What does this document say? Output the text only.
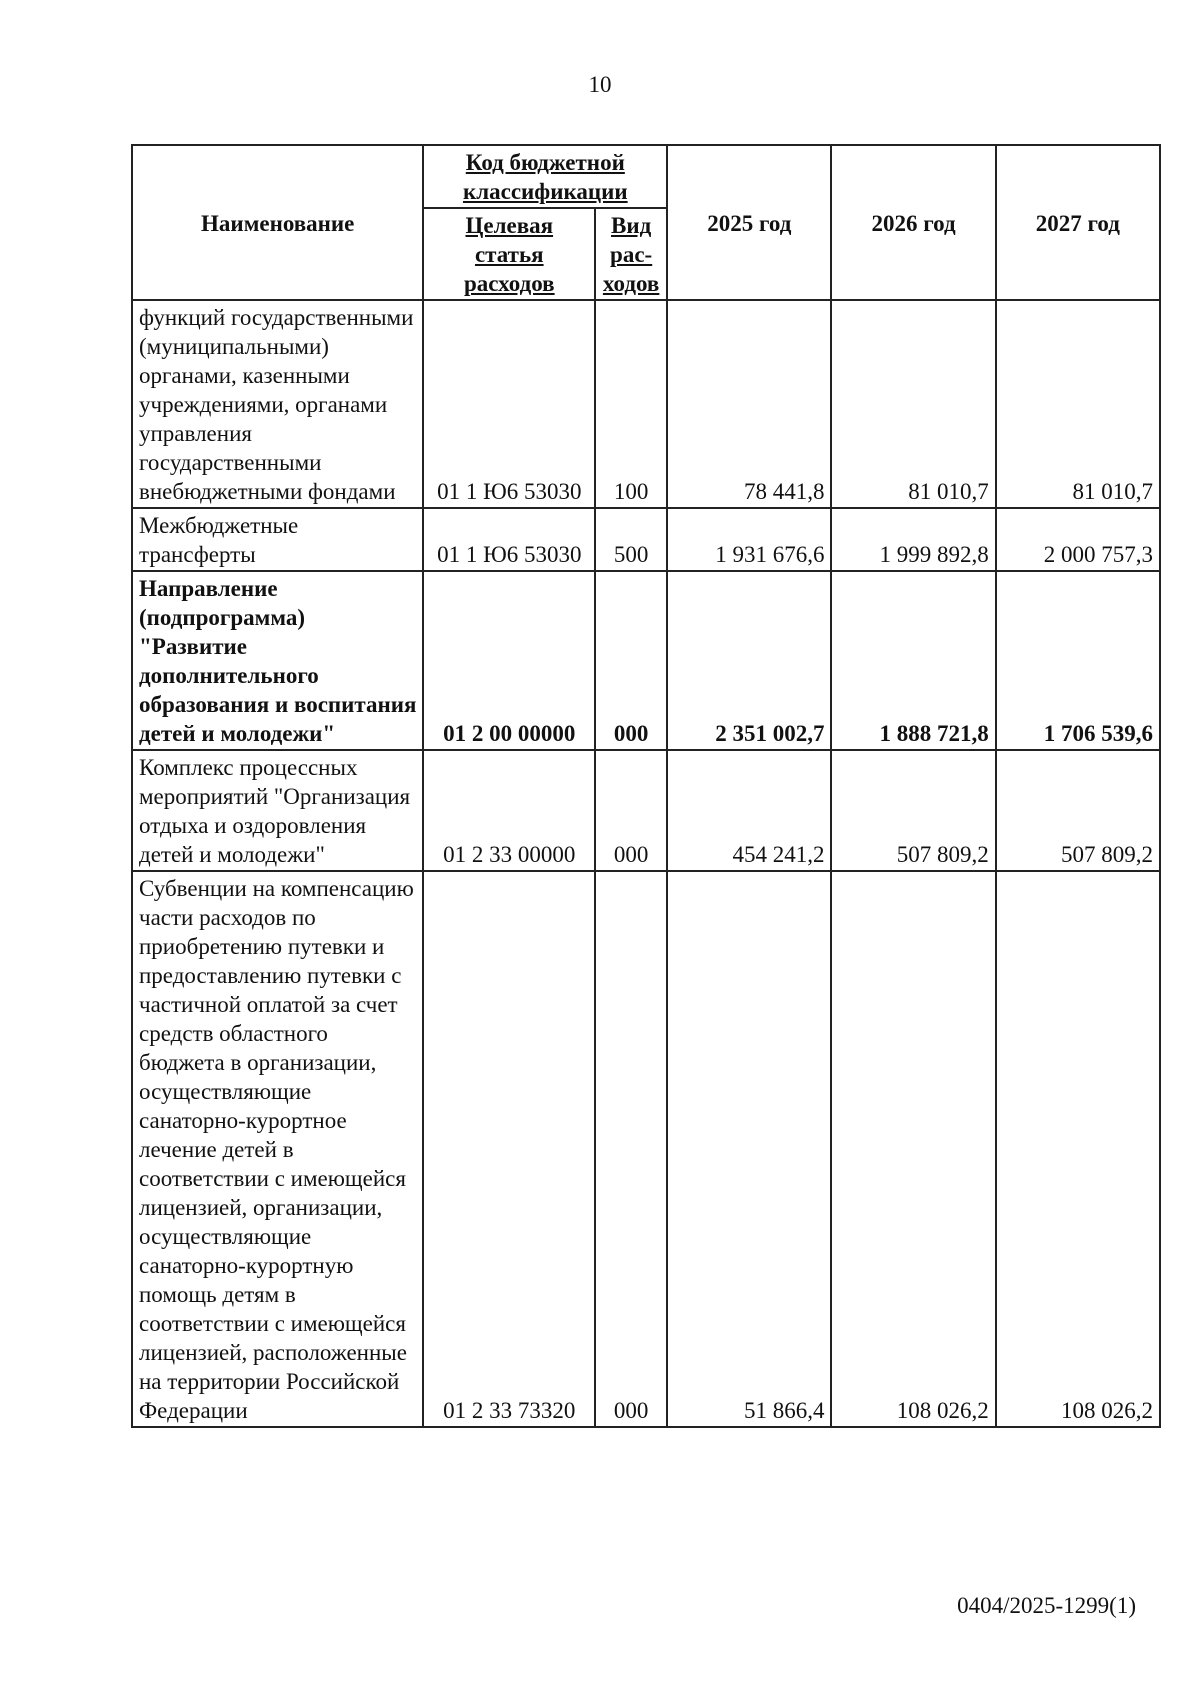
10
Наименование	Код бюджетной классификации		2025 год	2026 год	2027 год
	Целевая статья расходов	Вид рас-ходов			
функций государственными (муниципальными) органами, казенными учреждениями, органами управления государственными внебюджетными фондами	01 1 Ю6 53030	100	78 441,8	81 010,7	81 010,7
Межбюджетные трансферты	01 1 Ю6 53030	500	1 931 676,6	1 999 892,8	2 000 757,3
Направление (подпрограмма) "Развитие дополнительного образования и воспитания детей и молодежи"	01 2 00 00000	000	2 351 002,7	1 888 721,8	1 706 539,6
Комплекс процессных мероприятий "Организация отдыха и оздоровления детей и молодежи"	01 2 33 00000	000	454 241,2	507 809,2	507 809,2
Субвенции на компенсацию части расходов по приобретению путевки и предоставлению путевки с частичной оплатой за счет средств областного бюджета в организации, осуществляющие санаторно-курортное лечение детей в соответствии с имеющейся лицензией, организации, осуществляющие санаторно-курортную помощь детям в соответствии с имеющейся лицензией, расположенные на территории Российской Федерации	01 2 33 73320	000	51 866,4	108 026,2	108 026,2
0404/2025-1299(1)
